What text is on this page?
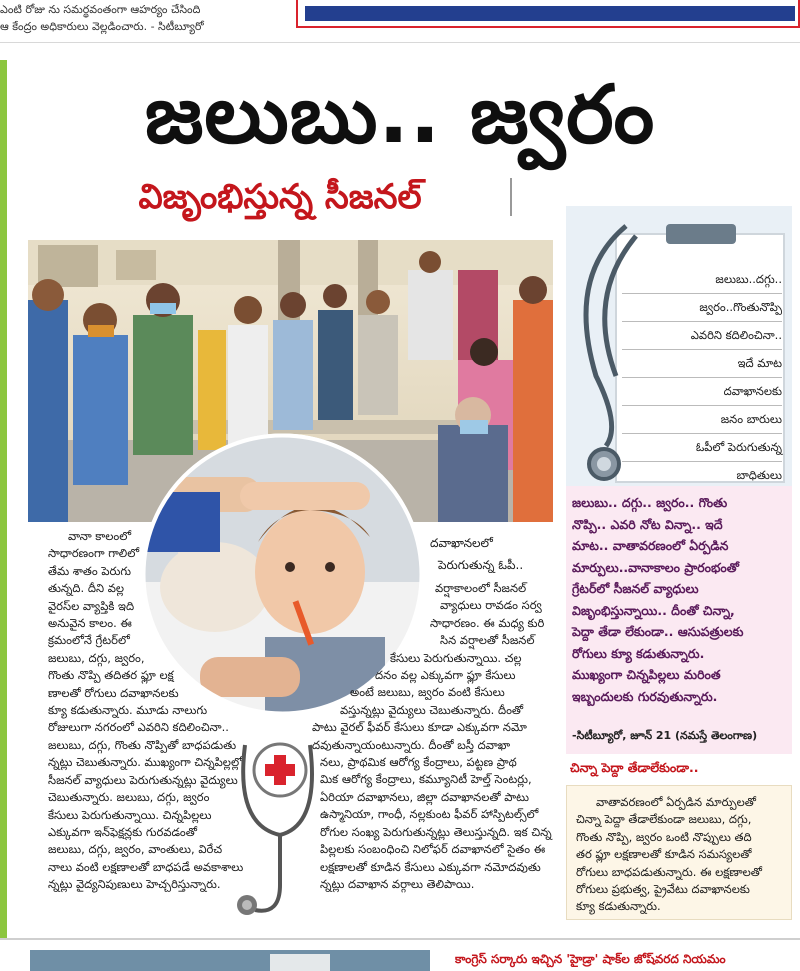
ఎంటి రోజు ను సమర్థవంతంగా ఆహర్యం చేసింది
ఆ కేంద్రం అధికారులు వెల్లడించారు. - సిటీబ్యూరో
జలుబు.. జ్వరం
విజృంభిస్తున్న సీజనల్
దవాఖానలలో
పెరుగుతున్న ఓపీ..

వానా కాలంలో

సాధారణంగా గాలిలో

తేమ శాతం పెరుగు

తున్నది. దీని వల్ల

వైరస్‌ల వ్యాప్తికి ఇది

అనువైన కాలం. ఈ

క్రమంలోనే గ్రేటర్‌లో

జలుబు, దగ్గు, జ్వరం,

గొంతు నొప్పి తదితర ఫ్లూ లక్ష

ణాలతో రోగులు దవాఖానలకు

క్యూ కడుతున్నారు. మూడు నాలుగు

రోజులుగా నగరంలో ఎవరిని కదిలించినా..

జలుబు, దగ్గు, గొంతు నొప్పితో బాధపడుతు

న్నట్లు చెబుతున్నారు. ముఖ్యంగా చిన్నపిల్లల్లో

సీజనల్ వ్యాధులు పెరుగుతున్నట్లు వైద్యులు

చెబుతున్నారు. జలుబు, దగ్గు, జ్వరం

కేసులు పెరుగుతున్నాయి. చిన్నపిల్లలు

ఎక్కువగా ఇన్‌ఫెక్షన్లకు గురవడంతో

జలుబు, దగ్గు, జ్వరం, వాంతులు, విరేచ

నాలు వంటి లక్షణాలతో బాధపడే అవకాశాలు

న్నట్లు వైద్యనిపుణులు హెచ్చరిస్తున్నారు.

వర్షాకాలంలో సీజనల్

వ్యాధులు రావడం సర్వ

సాధారణం. ఈ మధ్య కురి

సిన వర్షాలతో సీజనల్

కేసులు పెరుగుతున్నాయి. చల్ల

దనం వల్ల ఎక్కువగా ఫ్లూ కేసులు

అంటే జలుబు, జ్వరం వంటి కేసులు

వస్తున్నట్లు వైద్యులు చెబుతున్నారు. దీంతో

పాటు వైరల్ ఫీవర్ కేసులు కూడా ఎక్కువగా నమో

దవుతున్నాయంటున్నారు. దీంతో బస్తీ దవాఖా

నలు, ప్రాథమిక ఆరోగ్య కేంద్రాలు, పట్టణ ప్రాథ

మిక ఆరోగ్య కేంద్రాలు, కమ్యూనిటీ హెల్త్ సెంటర్లు,

ఏరియా దవాఖానలు, జిల్లా దవాఖానలతో పాటు

ఉస్మానియా, గాంధీ, నల్లకుంట ఫీవర్ హాస్పిటల్స్‌లో

రోగుల సంఖ్య పెరుగుతున్నట్లు తెలుస్తున్నది. ఇక చిన్న

పిల్లలకు సంబంధించి నిలోఫర్ దవాఖానలో సైతం ఈ

లక్షణాలతో కూడిన కేసులు ఎక్కువగా నమోదవుతు

న్నట్లు దవాఖాన వర్గాలు తెలిపాయి.

జలుబు..దగ్గు..
జ్వరం..గొంతునొప్పి
ఎవరిని కదిలించినా..
ఇదే మాట
దవాఖానలకు
జనం బారులు
ఓపీలో పెరుగుతున్న
బాధితులు
జలుబు.. దగ్గు.. జ్వరం.. గొంతు
నొప్పి.. ఎవరి నోట విన్నా.. ఇదే
మాట.. వాతావరణంలో ఏర్పడిన
మార్పులు..వానాకాలం ప్రారంభంతో
గ్రేటర్‌లో సీజనల్ వ్యాధులు
విజృంభిస్తున్నాయి.. దీంతో చిన్నా,
పెద్దా తేడా లేకుండా.. ఆసుపత్రులకు
రోగులు క్యూ కడుతున్నారు.
ముఖ్యంగా చిన్నపిల్లలు మరింత
ఇబ్బందులకు గురవుతున్నారు.
-సిటీబ్యూరో, జూన్ 21 (నమస్తే తెలంగాణ)
చిన్నా పెద్దా తేడాలేకుండా..

వాతావరణంలో ఏర్పడిన మార్పులతో

చిన్నా పెద్దా తేడాలేకుండా జలుబు, దగ్గు,

గొంతు నొప్పి, జ్వరం ఒంటి నొప్పులు తది

తర ఫ్లూ లక్షణాలతో కూడిన సమస్యలతో

రోగులు బాధపడుతున్నారు. ఈ లక్షణాలతో

రోగులు ప్రభుత్వ, ప్రైవేటు దవాఖానలకు

క్యూ కడుతున్నారు.

కాంగ్రెస్ సర్కారు ఇచ్చిన 'హైడ్రా' షాక్‌ల జోష్‌వరద నియమం
